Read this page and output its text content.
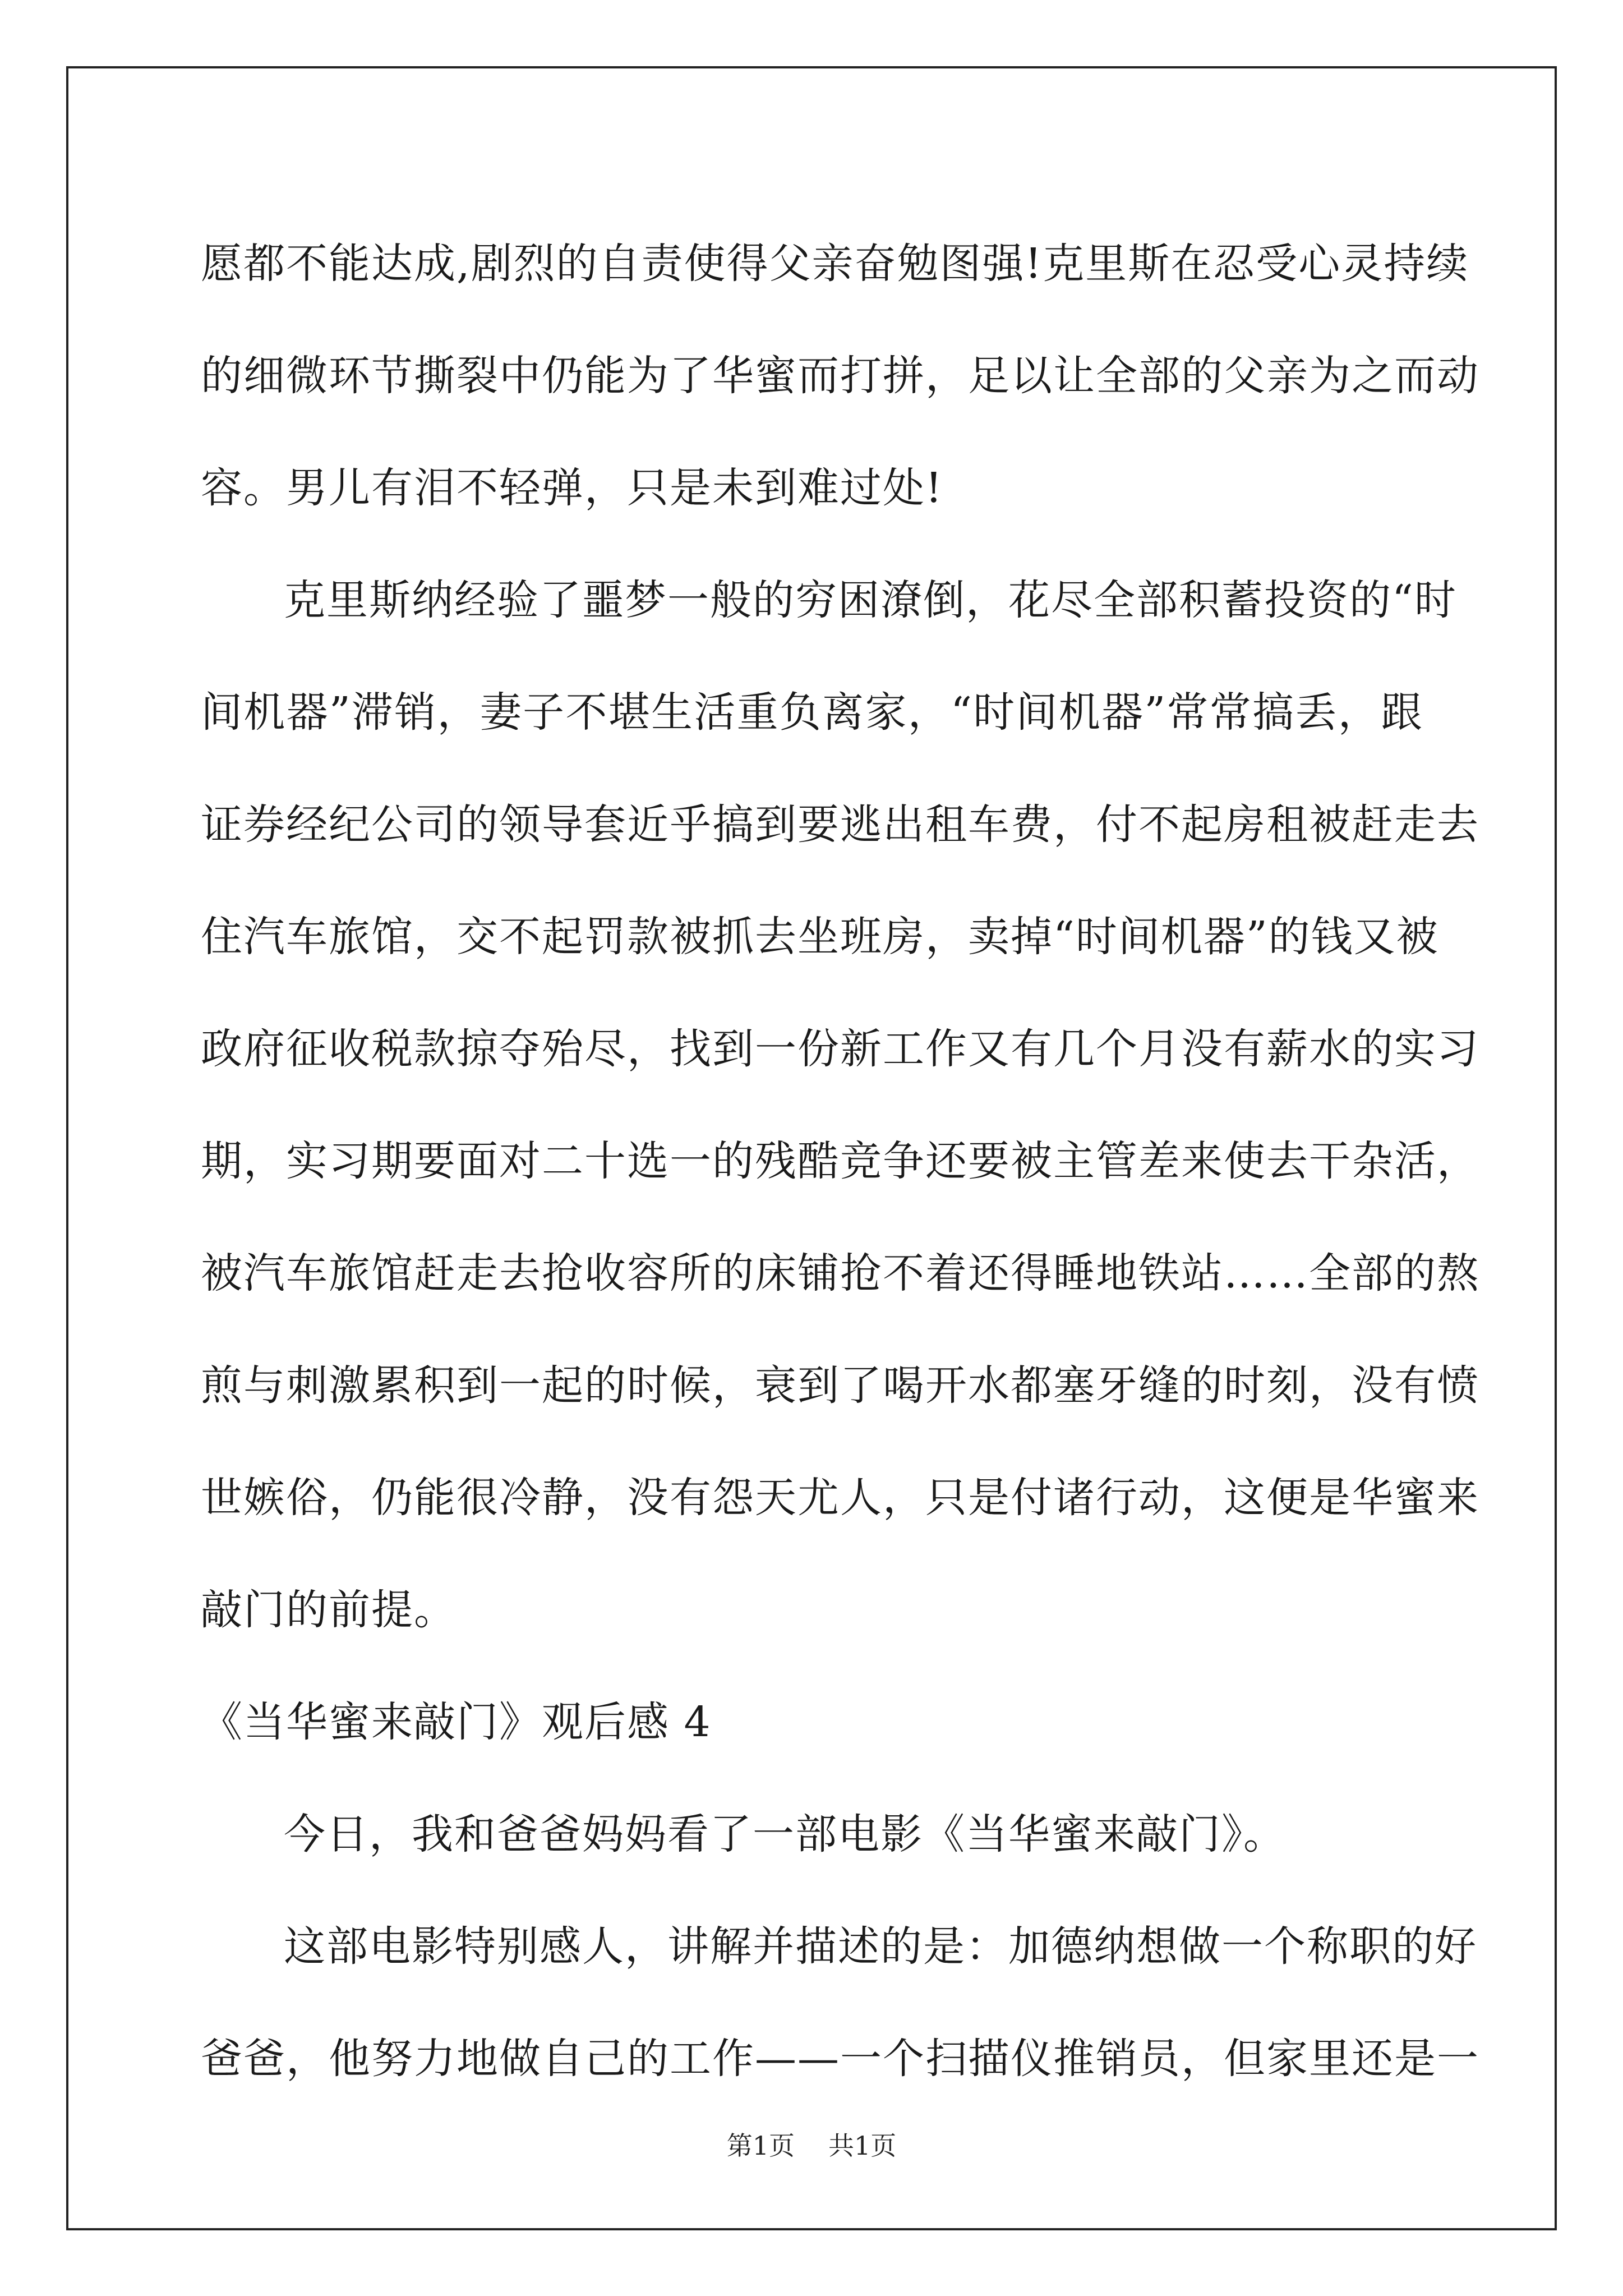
愿都不能达成,剧烈的自责使得父亲奋勉图强!克里斯在忍受心灵持续
的细微环节撕裂中仍能为了华蜜而打拼，足以让全部的父亲为之而动
容。男儿有泪不轻弹，只是未到难过处!
克里斯纳经验了噩梦一般的穷困潦倒，花尽全部积蓄投资的“时
间机器”滞销，妻子不堪生活重负离家，“时间机器”常常搞丢，跟
证券经纪公司的领导套近乎搞到要逃出租车费，付不起房租被赶走去
住汽车旅馆，交不起罚款被抓去坐班房，卖掉“时间机器”的钱又被
政府征收税款掠夺殆尽，找到一份新工作又有几个月没有薪水的实习
期，实习期要面对二十选一的残酷竞争还要被主管差来使去干杂活，
被汽车旅馆赶走去抢收容所的床铺抢不着还得睡地铁站……全部的熬
煎与刺激累积到一起的时候，衰到了喝开水都塞牙缝的时刻，没有愤
世嫉俗，仍能很冷静，没有怨天尤人，只是付诸行动，这便是华蜜来
敲门的前提。
《当华蜜来敲门》观后感 4
今日，我和爸爸妈妈看了一部电影《当华蜜来敲门》。
这部电影特别感人，讲解并描述的是：加德纳想做一个称职的好
爸爸，他努力地做自己的工作——一个扫描仪推销员，但家里还是一
第1页 共1页
